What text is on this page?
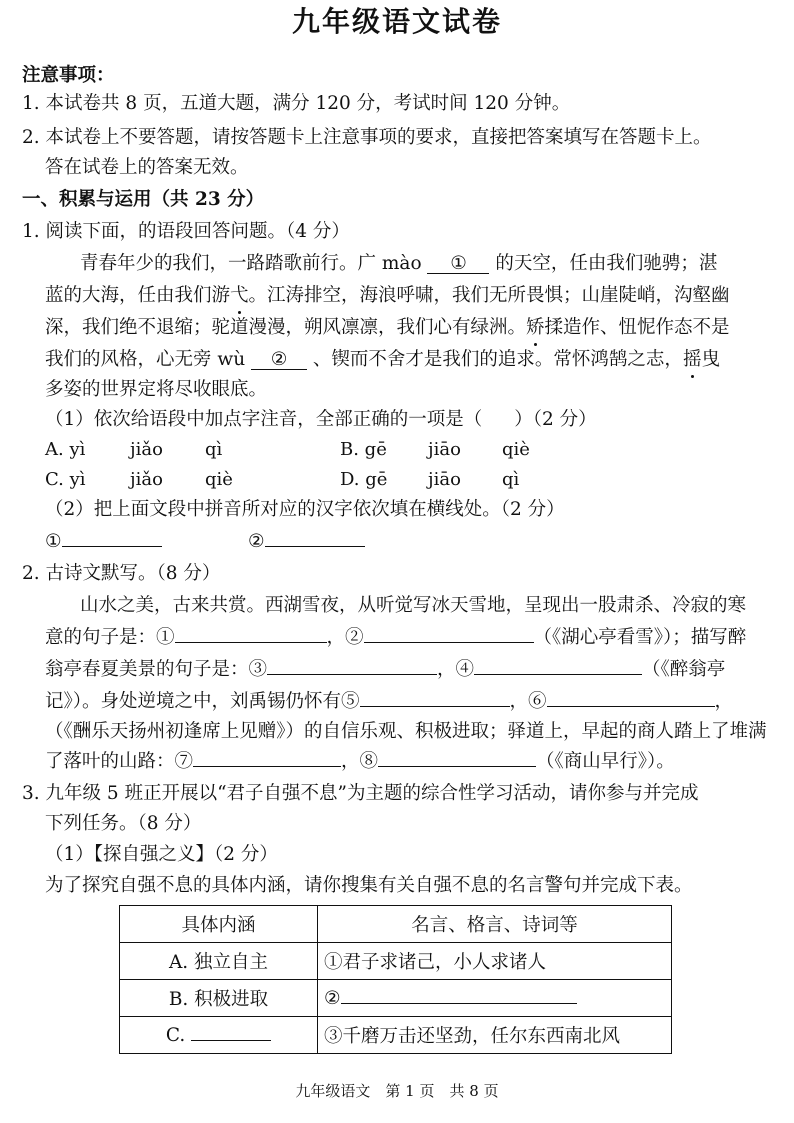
九年级语文试卷
注意事项：
1. 本试卷共 8 页，五道大题，满分 120 分，考试时间 120 分钟。
2. 本试卷上不要答题，请按答题卡上注意事项的要求，直接把答案填写在答题卡上。
答在试卷上的答案无效。
一、积累与运用（共 23 分）
1. 阅读下面，的语段回答问题。（4 分）
青春年少的我们，一路踏歌前行。广 mào ① 的天空，任由我们驰骋；湛
蓝的大海，任由我们游弋。江涛排空，海浪呼啸，我们无所畏惧；山崖陡峭，沟壑幽
深，我们绝不退缩；驼道漫漫，朔风凛凛，我们心有绿洲。矫揉造作、忸怩作态不是
我们的风格，心无旁 wù ② 、锲而不舍才是我们的追求。常怀鸿鹄之志，摇曳
多姿的世界定将尽收眼底。
（1）依次给语段中加点字注音，全部正确的一项是（ ）（2 分）
A. yì jiǎo qì	B. gē jiāo qiè
C. yì jiǎo qiè	D. gē jiāo qì
（2）把上面文段中拼音所对应的汉字依次填在横线处。（2 分）
①	②
2. 古诗文默写。（8 分）
山水之美，古来共赏。西湖雪夜，从听觉写冰天雪地，呈现出一股肃杀、冷寂的寒
意的句子是：①	，②	（《湖心亭看雪》）；描写醉
翁亭春夏美景的句子是：③	，④	（《醉翁亭
记》）。身处逆境之中，刘禹锡仍怀有⑤	，⑥	，
（《酬乐天扬州初逢席上见赠》）的自信乐观、积极进取；驿道上，早起的商人踏上了堆满
了落叶的山路：⑦	，⑧	（《商山早行》）。
3. 九年级 5 班正开展以“君子自强不息”为主题的综合性学习活动，请你参与并完成
下列任务。（8 分）
（1）【探自强之义】（2 分）
为了探究自强不息的具体内涵，请你搜集有关自强不息的名言警句并完成下表。
具体内涵	名言、格言、诗词等
A. 独立自主	①君子求诸己，小人求诸人
B. 积极进取	②
C.	③千磨万击还坚劲，任尔东西南北风
九年级语文　第 1 页　共 8 页
